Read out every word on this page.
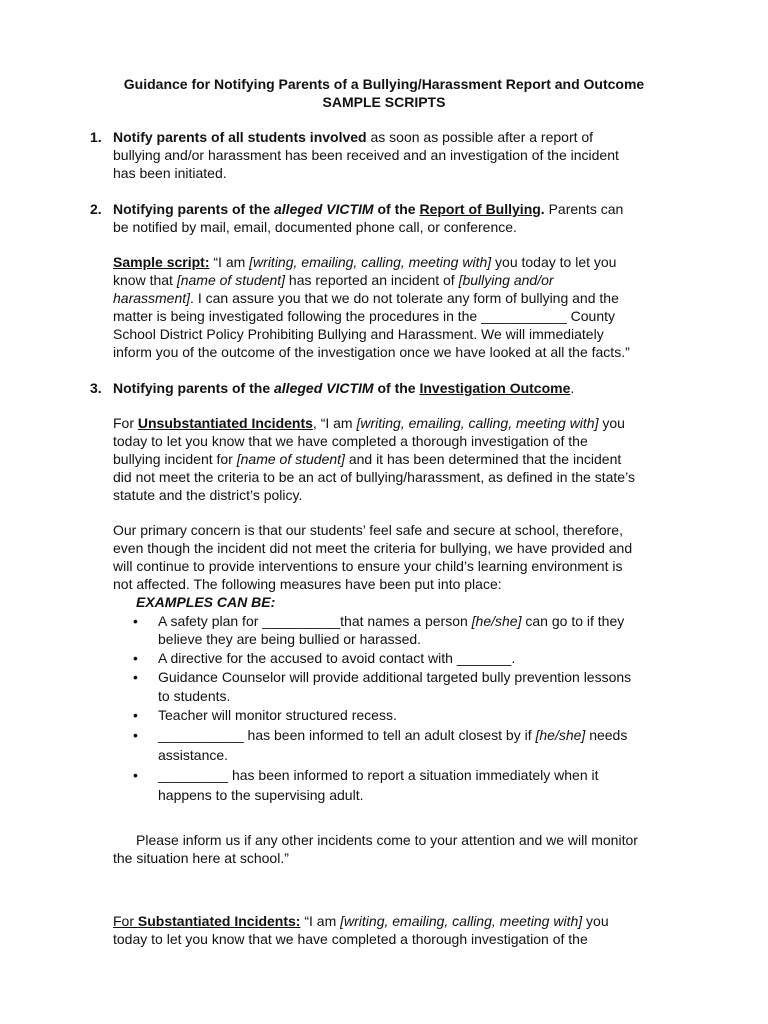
Guidance for Notifying Parents of a Bullying/Harassment Report and Outcome
SAMPLE SCRIPTS
1. Notify parents of all students involved as soon as possible after a report of
bullying and/or harassment has been received and an investigation of the incident
has been initiated.
2. Notifying parents of the alleged VICTIM of the Report of Bullying. Parents can
be notified by mail, email, documented phone call, or conference.
Sample script: “I am [writing, emailing, calling, meeting with] you today to let you
know that [name of student] has reported an incident of [bullying and/or
harassment]. I can assure you that we do not tolerate any form of bullying and the
matter is being investigated following the procedures in the ___________ County
School District Policy Prohibiting Bullying and Harassment. We will immediately
inform you of the outcome of the investigation once we have looked at all the facts.”
3. Notifying parents of the alleged VICTIM of the Investigation Outcome.
For Unsubstantiated Incidents, “I am [writing, emailing, calling, meeting with] you
today to let you know that we have completed a thorough investigation of the
bullying incident for [name of student] and it has been determined that the incident
did not meet the criteria to be an act of bullying/harassment, as defined in the state’s
statute and the district’s policy.
Our primary concern is that our students’ feel safe and secure at school, therefore,
even though the incident did not meet the criteria for bullying, we have provided and
will continue to provide interventions to ensure your child’s learning environment is
not affected. The following measures have been put into place:
EXAMPLES CAN BE:
• A safety plan for __________that names a person [he/she] can go to if they
believe they are being bullied or harassed.
• A directive for the accused to avoid contact with _______.
• Guidance Counselor will provide additional targeted bully prevention lessons
to students.
• Teacher will monitor structured recess.
• ___________ has been informed to tell an adult closest by if [he/she] needs
assistance.
• _________ has been informed to report a situation immediately when it
happens to the supervising adult.
Please inform us if any other incidents come to your attention and we will monitor
the situation here at school.”
For Substantiated Incidents: “I am [writing, emailing, calling, meeting with] you
today to let you know that we have completed a thorough investigation of the
